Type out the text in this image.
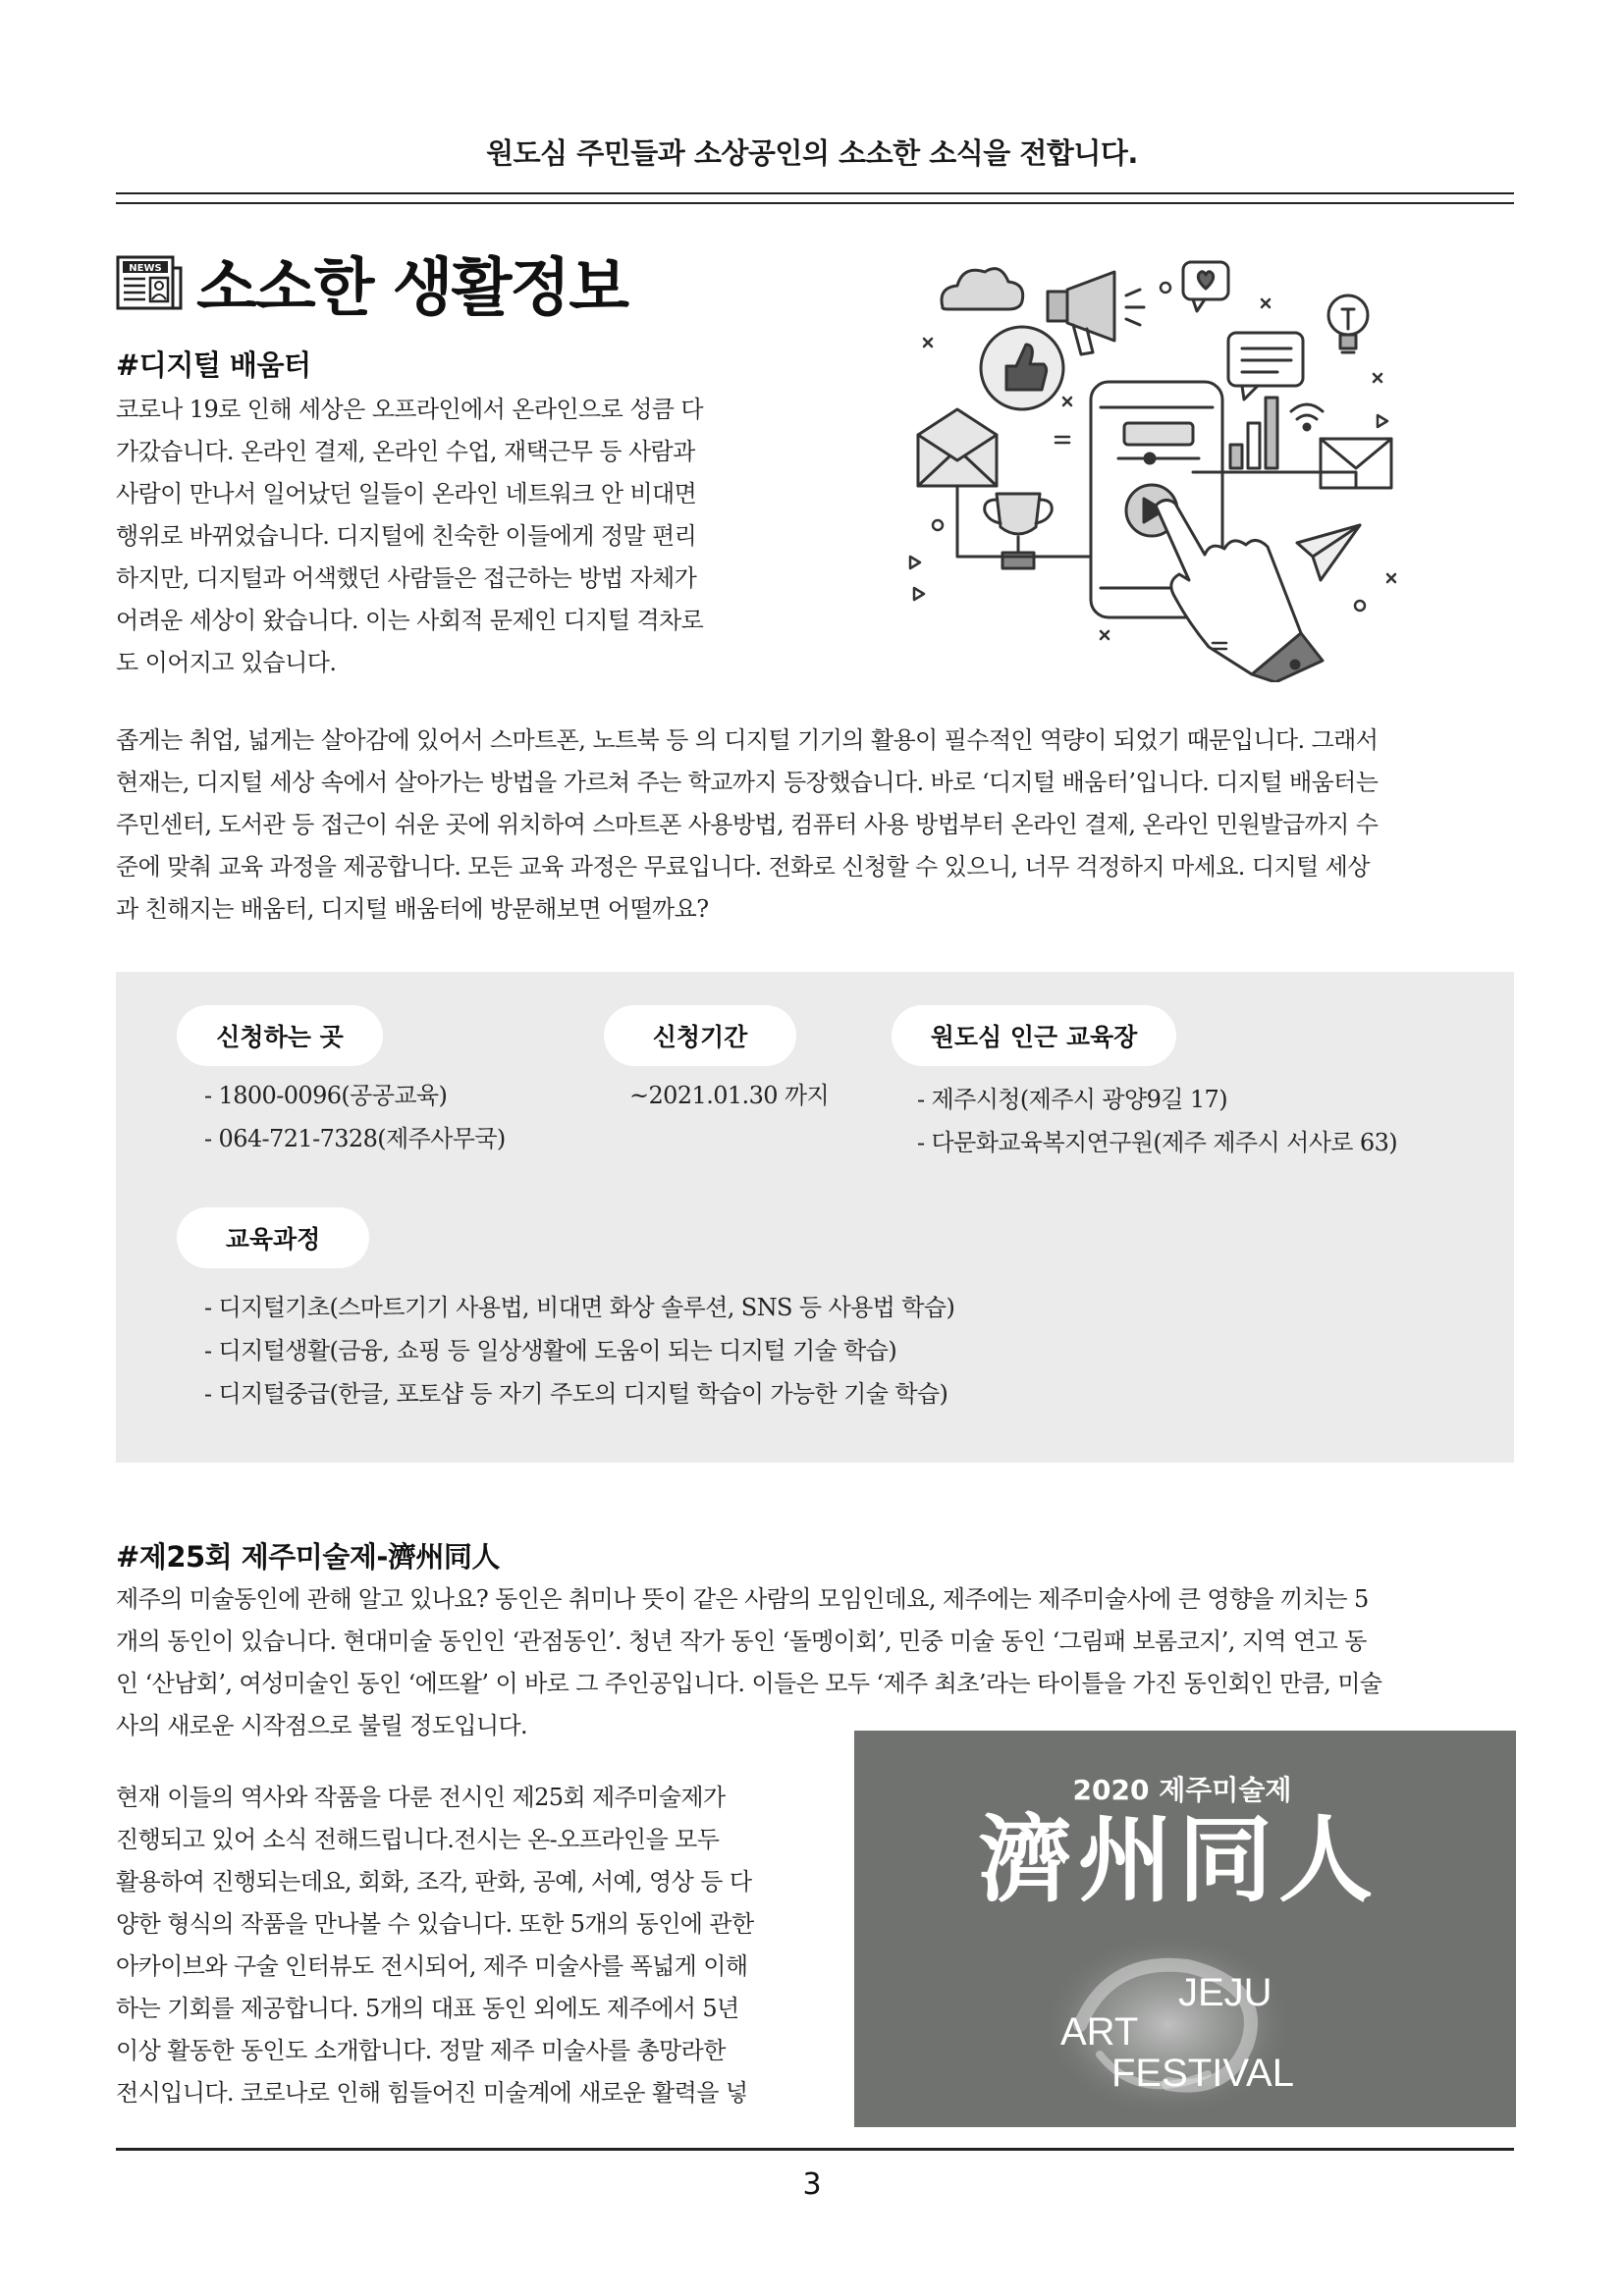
원도심 주민들과 소상공인의 소소한 소식을 전합니다.
NEWS 소소한 생활정보
#디지털 배움터
코로나 19로 인해 세상은 오프라인에서 온라인으로 성큼 다
가갔습니다. 온라인 결제, 온라인 수업, 재택근무 등 사람과
사람이 만나서 일어났던 일들이 온라인 네트워크 안 비대면
행위로 바뀌었습니다. 디지털에 친숙한 이들에게 정말 편리
하지만, 디지털과 어색했던 사람들은 접근하는 방법 자체가
어려운 세상이 왔습니다. 이는 사회적 문제인 디지털 격차로
도 이어지고 있습니다.
좁게는 취업, 넓게는 살아감에 있어서 스마트폰, 노트북 등 의 디지털 기기의 활용이 필수적인 역량이 되었기 때문입니다. 그래서
현재는, 디지털 세상 속에서 살아가는 방법을 가르쳐 주는 학교까지 등장했습니다. 바로 ‘디지털 배움터’입니다. 디지털 배움터는
주민센터, 도서관 등 접근이 쉬운 곳에 위치하여 스마트폰 사용방법, 컴퓨터 사용 방법부터 온라인 결제, 온라인 민원발급까지 수
준에 맞춰 교육 과정을 제공합니다. 모든 교육 과정은 무료입니다. 전화로 신청할 수 있으니, 너무 걱정하지 마세요. 디지털 세상
과 친해지는 배움터, 디지털 배움터에 방문해보면 어떨까요?
신청하는 곳
- 1800-0096(공공교육)
- 064-721-7328(제주사무국)
신청기간
~2021.01.30 까지
원도심 인근 교육장
- 제주시청(제주시 광양9길 17)
- 다문화교육복지연구원(제주 제주시 서사로 63)
교육과정
- 디지털기초(스마트기기 사용법, 비대면 화상 솔루션, SNS 등 사용법 학습)
- 디지털생활(금융, 쇼핑 등 일상생활에 도움이 되는 디지털 기술 학습)
- 디지털중급(한글, 포토샵 등 자기 주도의 디지털 학습이 가능한 기술 학습)
#제25회 제주미술제-濟州同人
제주의 미술동인에 관해 알고 있나요? 동인은 취미나 뜻이 같은 사람의 모임인데요, 제주에는 제주미술사에 큰 영향을 끼치는 5
개의 동인이 있습니다. 현대미술 동인인 ‘관점동인’. 청년 작가 동인 ‘돌멩이회’, 민중 미술 동인 ‘그림패 보롬코지’, 지역 연고 동
인 ‘산남회’, 여성미술인 동인 ‘에뜨왈’ 이 바로 그 주인공입니다. 이들은 모두 ‘제주 최초’라는 타이틀을 가진 동인회인 만큼, 미술
사의 새로운 시작점으로 불릴 정도입니다.
현재 이들의 역사와 작품을 다룬 전시인 제25회 제주미술제가
진행되고 있어 소식 전해드립니다.전시는 온-오프라인을 모두
활용하여 진행되는데요, 회화, 조각, 판화, 공예, 서예, 영상 등 다
양한 형식의 작품을 만나볼 수 있습니다. 또한 5개의 동인에 관한
아카이브와 구술 인터뷰도 전시되어, 제주 미술사를 폭넓게 이해
하는 기회를 제공합니다. 5개의 대표 동인 외에도 제주에서 5년
이상 활동한 동인도 소개합니다. 정말 제주 미술사를 총망라한
전시입니다. 코로나로 인해 힘들어진 미술계에 새로운 활력을 넣
2020 제주미술제
濟州同人
JEJU
ART
FESTIVAL
3
